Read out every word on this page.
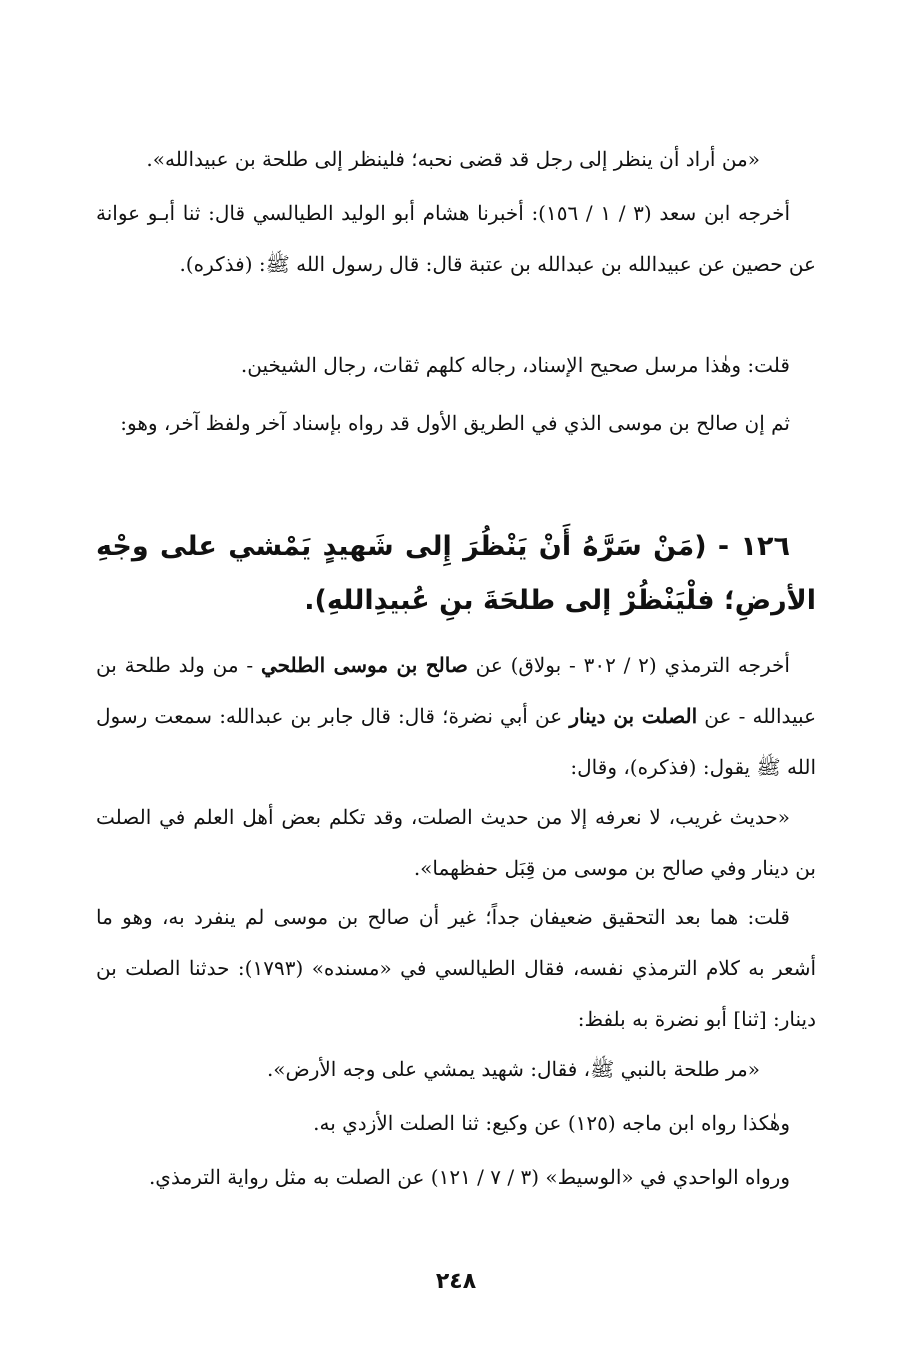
«من أراد أن ينظر إلى رجل قد قضى نحبه؛ فلينظر إلى طلحة بن عبيدالله».

أخرجه ابن سعد (٣ / ١ / ١٥٦): أخبرنا هشام أبو الوليد الطيالسي قال: ثنا أبـو عوانة عن حصين عن عبيدالله بن عبدالله بن عتبة قال: قال رسول الله ﷺ: (فذكره).

قلت: وهٰذا مرسل صحيح الإسناد، رجاله كلهم ثقات، رجال الشيخين.

ثم إن صالح بن موسى الذي في الطريق الأول قد رواه بإسناد آخر ولفظ آخر، وهو:

١٢٦ - (مَنْ سَرَّهُ أَنْ يَنْظُرَ إِلى شَهيدٍ يَمْشي على وجْهِ الأرضِ؛ فلْيَنْظُرْ إلى طلحَةَ بنِ عُبيدِاللهِ).

أخرجه الترمذي (٢ / ٣٠٢ - بولاق) عن صالح بن موسى الطلحي - من ولد طلحة بن عبيدالله - عن الصلت بن دينار عن أبي نضرة؛ قال: قال جابر بن عبدالله: سمعت رسول الله ﷺ يقول: (فذكره)، وقال:

«حديث غريب، لا نعرفه إلا من حديث الصلت، وقد تكلم بعض أهل العلم في الصلت بن دينار وفي صالح بن موسى من قِبَل حفظهما».

قلت: هما بعد التحقيق ضعيفان جداً؛ غير أن صالح بن موسى لم ينفرد به، وهو ما أشعر به كلام الترمذي نفسه، فقال الطيالسي في «مسنده» (١٧٩٣): حدثنا الصلت بن دينار: [ثنا] أبو نضرة به بلفظ:

«مر طلحة بالنبي ﷺ، فقال: شهيد يمشي على وجه الأرض».

وهٰكذا رواه ابن ماجه (١٢٥) عن وكيع: ثنا الصلت الأزدي به.

ورواه الواحدي في «الوسيط» (٣ / ٧ / ١٢١) عن الصلت به مثل رواية الترمذي.

٢٤٨
